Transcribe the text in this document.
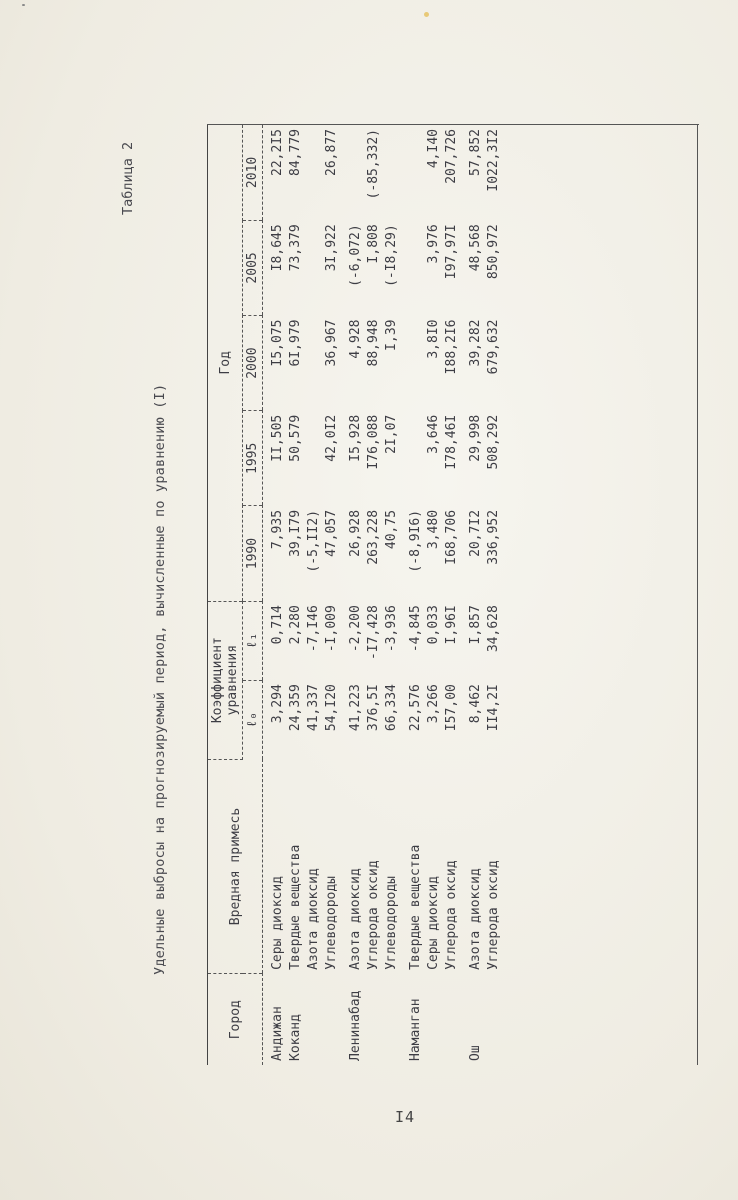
Таблица 2
Удельные выбросы на прогнозируемый период, вычисленные по уравнению (I)
Город	Вредная примесь	Коэффициент уравнения		Год				
		ℓ₀	ℓ₁	1990	1995	2000	2005	2010
Андижан	Серы диоксид	3,294	0,714	7,935	II,505	I5,075	I8,645	22,2I5
Коканд	Твердые вещества	24,359	2,280	39,I79	50,579	6I,979	73,379	84,779
	Азота диоксид	41,337	-7,I46	(-5,II2)				
	Углеводороды	54,I20	-I,009	47,057	42,0I2	36,967	3I,922	26,877
Ленинабад	Азота диоксид	41,223	-2,200	26,928	I5,928	4,928	(-6,072)	
	Углерода оксид	376,5I	-I7,428	263,228	I76,088	88,948	I,808	(-85,332)
	Углеводороды	66,334	-3,936	40,75	2I,07	I,39	(-I8,29)	
Наманган	Твердые вещества	22,576	-4,845	(-8,9I6)				
	Серы диоксид	3,266	0,033	3,480	3,646	3,8I0	3,976	4,I40
	Углерода оксид	I57,00	I,96I	I68,706	I78,46I	I88,2I6	I97,97I	207,726
Ош	Азота диоксид	8,462	I,857	20,7I2	29,998	39,282	48,568	57,852
	Углерода оксид	II4,2I	34,628	336,952	508,292	679,632	850,972	I022,3I2
I4
